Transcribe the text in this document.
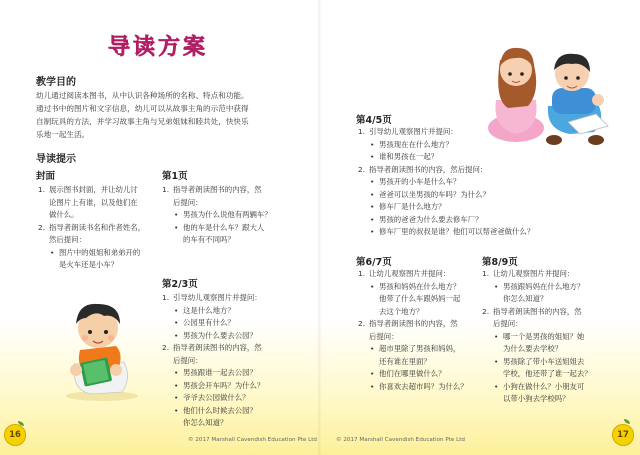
导读方案
教学目的
幼儿通过阅读本图书，从中认识各种场所的名称、特点和功能。
通过书中的图片和文字信息，幼儿可以从故事主角的示范中获得
自制玩具的方法，并学习故事主角与兄弟姐妹和睦共处，快快乐
乐地一起生活。
导读提示
封面
1. 展示图书封面，并让幼儿讨
论图片上有谁，以及他们在
做什么。
2. 指导者朗读书名和作者姓名，
然后提问：
• 图片中的姐姐和弟弟开的
是火车还是小车？
第1页
1. 指导者朗读图书的内容，然
后提问：
• 男孩为什么说他有两辆车？
• 他的车是什么车？跟大人
的车有不同吗？
第2/3页
1. 引导幼儿观察图片并提问：
• 这是什么地方？
• 公园里有什么？
• 男孩为什么要去公园？
2. 指导者朗读图书的内容，然
后提问：
• 男孩跟谁一起去公园？
• 男孩会开车吗？为什么？
• 爷爷去公园做什么？
• 他们什么时候去公园？
你怎么知道？
第4/5页
1. 引导幼儿观察图片并提问：
• 男孩现在在什么地方？
• 谁和男孩在一起？
2. 指导者朗读图书的内容，然后提问：
• 男孩开的小车是什么车？
• 爸爸可以坐男孩的车吗？为什么？
• 修车厂是什么地方？
• 男孩的爸爸为什么要去修车厂？
• 修车厂里的叔叔是谁？他们可以帮爸爸做什么？
第6/7页
1. 让幼儿观察图片并提问：
• 男孩和妈妈在什么地方？
他带了什么车跟妈妈一起
去这个地方？
2. 指导者朗读图书的内容，然
后提问：
• 超市里除了男孩和妈妈，
还有谁在里面？
• 他们在哪里做什么？
• 你喜欢去超市吗？为什么？
第8/9页
1. 让幼儿观察图片并提问：
• 男孩跟妈妈在什么地方？
你怎么知道？
2. 指导者朗读图书的内容，然
后提问：
• 哪一个是男孩的姐姐？她
为什么要去学校？
• 男孩除了带小车送姐姐去
学校，他还带了谁一起去？
• 小狗在做什么？小朋友可
以带小狗去学校吗？
16	17
© 2017 Marshall Cavendish Education Pte Ltd	© 2017 Marshall Cavendish Education Pte Ltd
